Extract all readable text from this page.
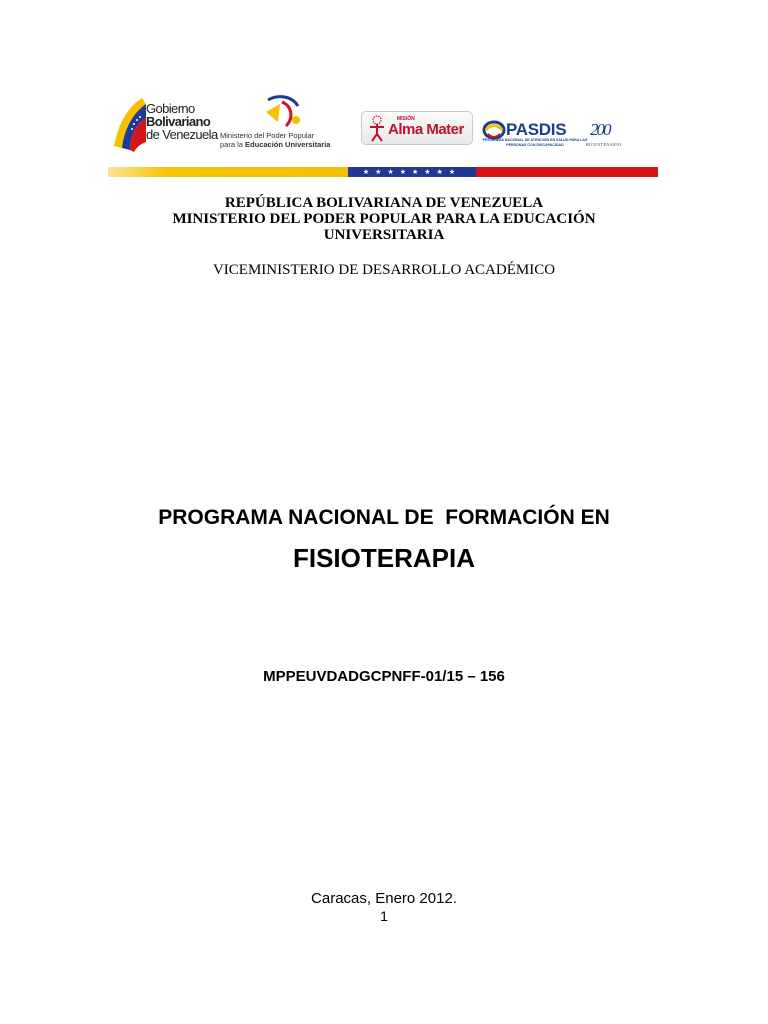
Gobierno
Bolivariano
de Venezuela Ministerio del Poder Popular
para la Educación Universitaria
MISIÓN
Alma Mater PASDIS
PROGRAMA NACIONAL DE ATENCIÓN EN SALUD PARA LAS PERSONAS CON DISCAPACIDAD
200
BICENTENARIO
★★★★★★★★
REPÚBLICA BOLIVARIANA DE VENEZUELA
MINISTERIO DEL PODER POPULAR PARA LA EDUCACIÓN
UNIVERSITARIA
VICEMINISTERIO DE DESARROLLO ACADÉMICO
PROGRAMA NACIONAL DE  FORMACIÓN EN
FISIOTERAPIA
MPPEUVDADGCPNFF-01/15 – 156
Caracas, Enero 2012.
1
